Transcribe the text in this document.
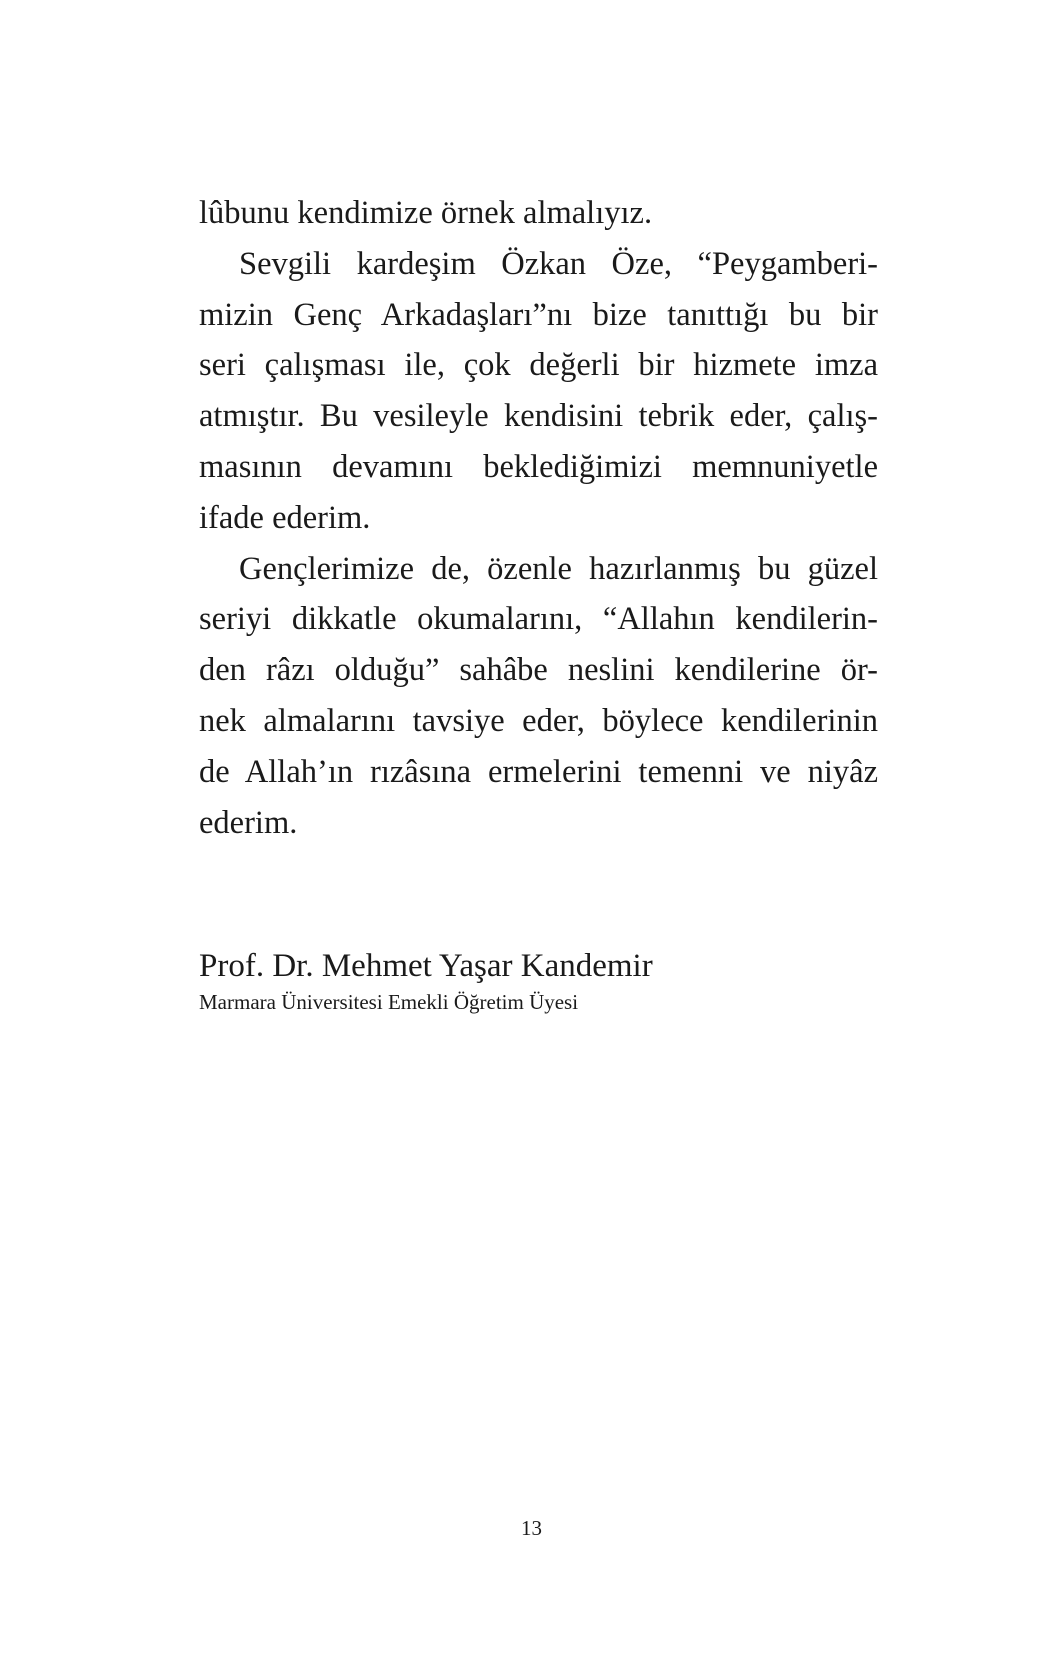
lûbunu kendimize örnek almalıyız.
Sevgili kardeşim Özkan Öze, “Peygamberi-
mizin Genç Arkadaşları”nı bize tanıttığı bu bir
seri çalışması ile, çok değerli bir hizmete imza
atmıştır. Bu vesileyle kendisini tebrik eder, çalış-
masının devamını beklediğimizi memnuniyetle
ifade ederim.
Gençlerimize de, özenle hazırlanmış bu güzel
seriyi dikkatle okumalarını, “Allahın kendilerin-
den râzı olduğu” sahâbe neslini kendilerine ör-
nek almalarını tavsiye eder, böylece kendilerinin
de Allah’ın rızâsına ermelerini temenni ve niyâz
ederim.
Prof. Dr. Mehmet Yaşar Kandemir
Marmara Üniversitesi Emekli Öğretim Üyesi
13
